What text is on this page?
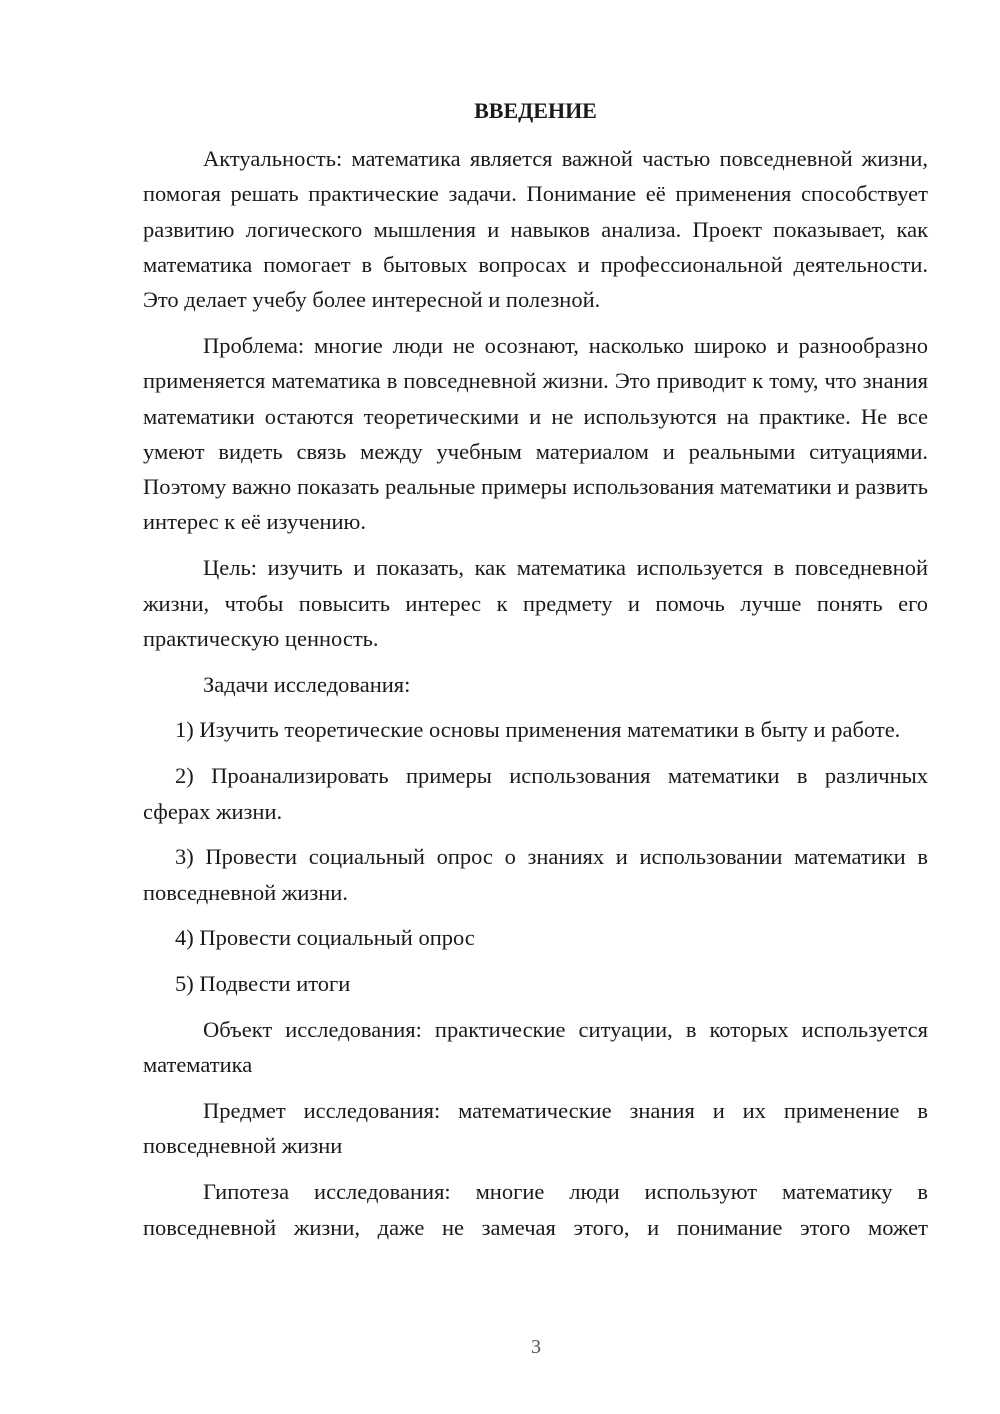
ВВЕДЕНИЕ

Актуальность: математика является важной частью повседневной жизни, помогая решать практические задачи. Понимание её применения способствует развитию логического мышления и навыков анализа. Проект показывает, как математика помогает в бытовых вопросах и профессиональной деятельности. Это делает учебу более интересной и полезной.

Проблема: многие люди не осознают, насколько широко и разнообразно применяется математика в повседневной жизни. Это приводит к тому, что знания математики остаются теоретическими и не используются на практике. Не все умеют видеть связь между учебным материалом и реальными ситуациями. Поэтому важно показать реальные примеры использования математики и развить интерес к её изучению.

Цель: изучить и показать, как математика используется в повседневной жизни, чтобы повысить интерес к предмету и помочь лучше понять его практическую ценность.

Задачи исследования:

1) Изучить теоретические основы применения математики в быту и работе.

2) Проанализировать примеры использования математики в различных сферах жизни.

3) Провести социальный опрос о знаниях и использовании математики в повседневной жизни.

4) Провести социальный опрос

5) Подвести итоги

Объект исследования: практические ситуации, в которых используется математика

Предмет исследования: математические знания и их применение в повседневной жизни

Гипотеза исследования: многие люди используют математику в повседневной жизни, даже не замечая этого, и понимание этого может

3
